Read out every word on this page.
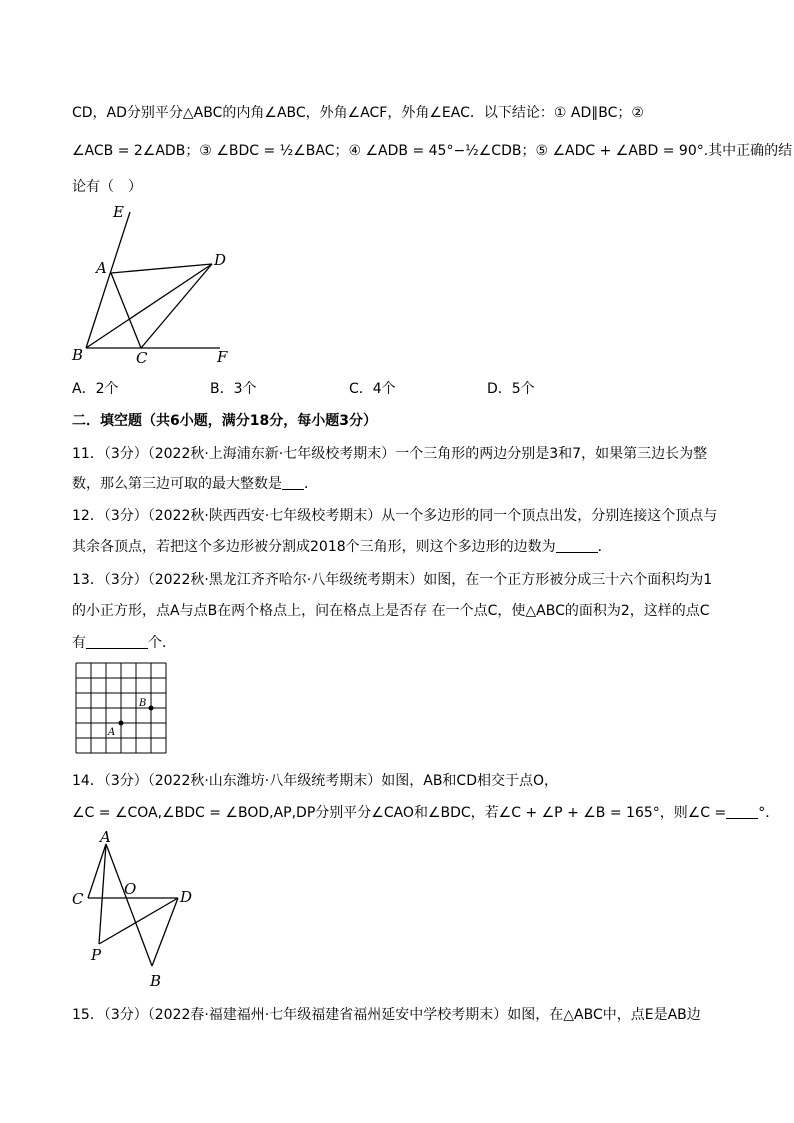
CD，AD分别平分△ABC的内角∠ABC，外角∠ACF，外角∠EAC．以下结论：① AD∥BC；②
∠ACB = 2∠ADB；③ ∠BDC = ½∠BAC；④ ∠ADB = 45°−½∠CDB；⑤ ∠ADC + ∠ABD = 90°.其中正确的结
论有（　）
E
A	D
B	C	F
A．2个	B．3个	C．4个	D．5个
二．填空题（共6小题，满分18分，每小题3分）
11．（3分）（2022秋·上海浦东新·七年级校考期末）一个三角形的两边分别是3和7，如果第三边长为整
数，那么第三边可取的最大整数是 ．
12．（3分）（2022秋·陕西西安·七年级校考期末）从一个多边形的同一个顶点出发，分别连接这个顶点与
其余各顶点，若把这个多边形被分割成2018个三角形，则这个多边形的边数为	．
13．（3分）（2022秋·黑龙江齐齐哈尔·八年级统考期末）如图，在一个正方形被分成三十六个面积均为1
的小正方形，点A与点B在两个格点上，问在格点上是否存 在一个点C，使△ABC的面积为2，这样的点C
有	个．
A
B
14．（3分）（2022秋·山东潍坊·八年级统考期末）如图，AB和CD相交于点O，
∠C = ∠COA,∠BDC = ∠BOD,AP,DP分别平分∠CAO和∠BDC，若∠C + ∠P + ∠B = 165°，则∠C = °．
A
C
O	D
P
B
15．（3分）（2022春·福建福州·七年级福建省福州延安中学校考期末）如图，在△ABC中，点E是AB边
